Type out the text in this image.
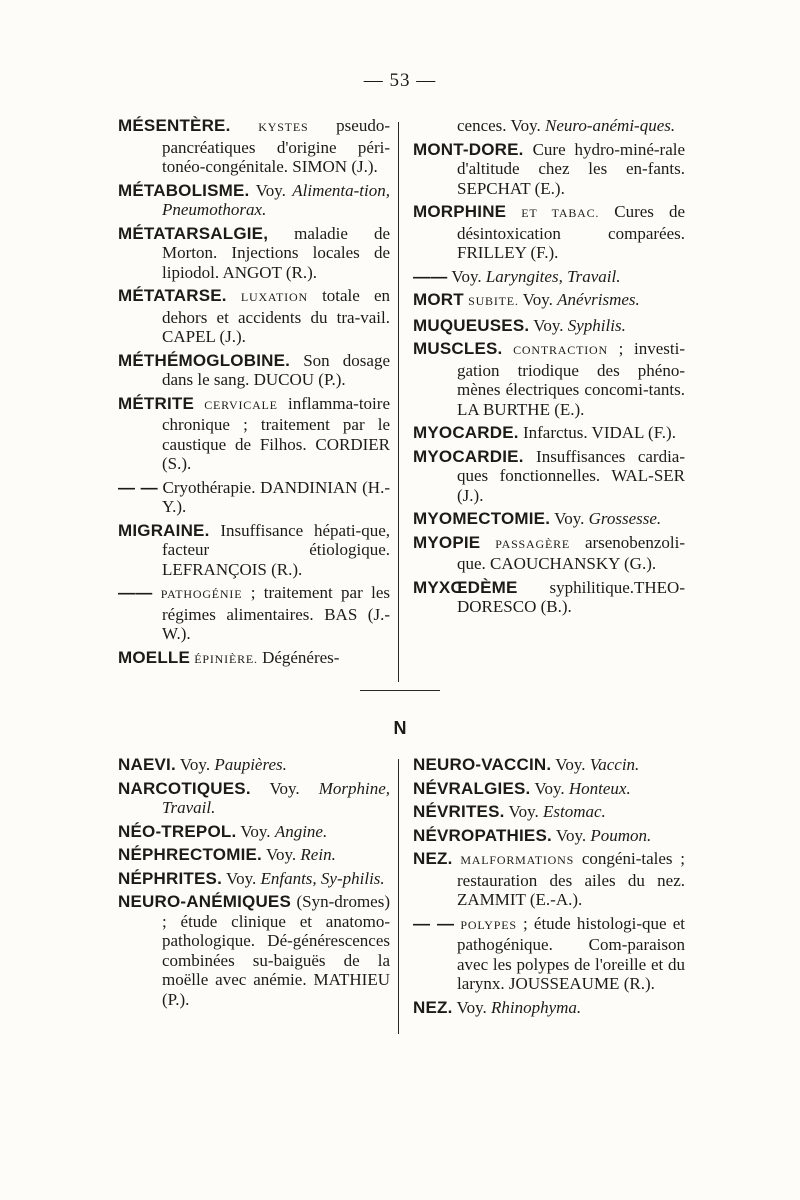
— 53 —

MÉSENTÈRE. KYSTES pseudo-pancréatiques d'origine péri-tonéo-congénitale. SIMON (J.).

MÉTABOLISME. Voy. Alimenta-tion, Pneumothorax.

MÉTATARSALGIE, maladie de Morton. Injections locales de lipiodol. ANGOT (R.).

MÉTATARSE. LUXATION totale en dehors et accidents du tra-vail. CAPEL (J.).

MÉTHÉMOGLOBINE. Son dosage dans le sang. DUCOU (P.).

MÉTRITE CERVICALE inflamma-toire chronique ; traitement par le caustique de Filhos. CORDIER (S.).

— — Cryothérapie. DANDINIAN (H.-Y.).

MIGRAINE. Insuffisance hépati-que, facteur étiologique. LEFRANÇOIS (R.).

—— PATHOGÉNIE ; traitement par les régimes alimentaires. BAS (J.-W.).

MOELLE ÉPINIÈRE. Dégénéres-

cences. Voy. Neuro-anémi-ques.

MONT-DORE. Cure hydro-miné-rale d'altitude chez les en-fants. SEPCHAT (E.).

MORPHINE ET TABAC. Cures de désintoxication comparées. FRILLEY (F.).

—— Voy. Laryngites, Travail.

MORT SUBITE. Voy. Anévrismes.

MUQUEUSES. Voy. Syphilis.

MUSCLES. CONTRACTION ; investi-gation triodique des phéno-mènes électriques concomi-tants. LA BURTHE (E.).

MYOCARDE. Infarctus. VIDAL (F.).

MYOCARDIE. Insuffisances cardia-ques fonctionnelles. WAL-SER (J.).

MYOMECTOMIE. Voy. Grossesse.

MYOPIE PASSAGÈRE arsenobenzoli-que. CAOUCHANSKY (G.).

MYXŒDÈME syphilitique.THEO-DORESCO (B.).

N

NAEVI. Voy. Paupières.

NARCOTIQUES. Voy. Morphine, Travail.

NÉO-TREPOL. Voy. Angine.

NÉPHRECTOMIE. Voy. Rein.

NÉPHRITES. Voy. Enfants, Sy-philis.

NEURO-ANÉMIQUES (Syn-dromes) ; étude clinique et anatomo-pathologique. Dé-générescences combinées su-baiguës de la moëlle avec anémie. MATHIEU (P.).

NEURO-VACCIN. Voy. Vaccin.

NÉVRALGIES. Voy. Honteux.

NÉVRITES. Voy. Estomac.

NÉVROPATHIES. Voy. Poumon.

NEZ. MALFORMATIONS congéni-tales ; restauration des ailes du nez. ZAMMIT (E.-A.).

— — POLYPES ; étude histologi-que et pathogénique. Com-paraison avec les polypes de l'oreille et du larynx. JOUSSEAUME (R.).

NEZ. Voy. Rhinophyma.
